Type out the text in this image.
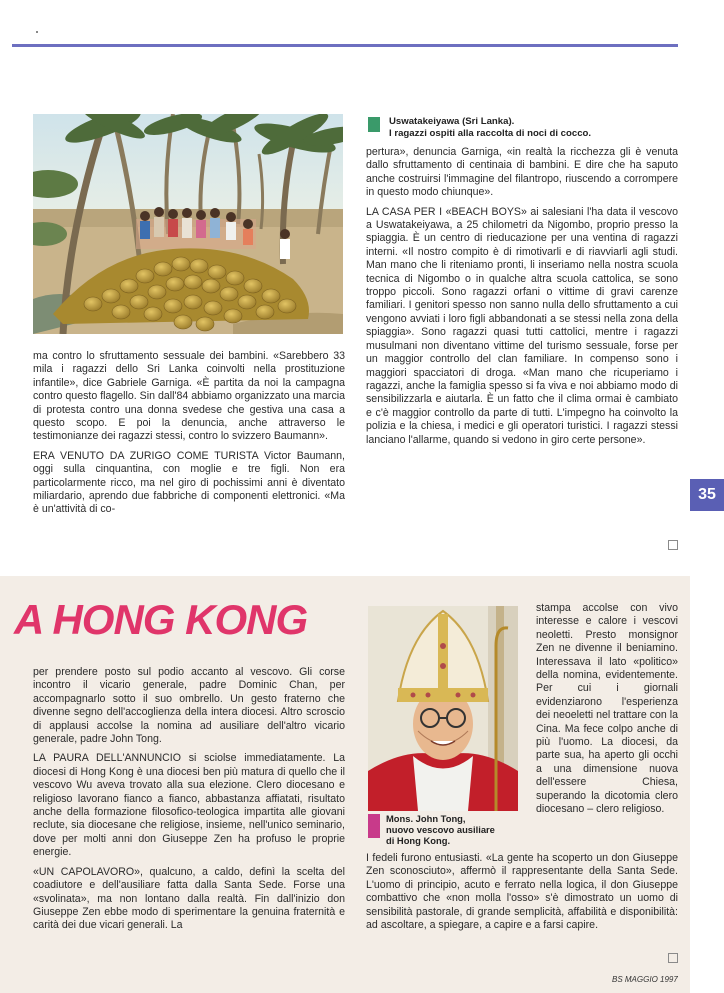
Uswatakeiyawa (Sri Lanka).
I ragazzi ospiti alla raccolta di noci di cocco.

ma contro lo sfruttamento sessuale dei bambini. «Sarebbero 33 mila i ragazzi dello Sri Lanka coinvolti nella prostituzione infantile», dice Gabriele Garniga. «È partita da noi la campagna contro questo flagello. Sin dall'84 abbiamo organizzato una marcia di protesta contro una donna svedese che gestiva una casa a questo scopo. E poi la denuncia, anche attraverso le testimonianze dei ragazzi stessi, contro lo svizzero Baumann».

ERA VENUTO DA ZURIGO COME TURISTA Victor Baumann, oggi sulla cinquantina, con moglie e tre figli. Non era particolarmente ricco, ma nel giro di pochissimi anni è diventato miliardario, aprendo due fabbriche di componenti elettronici. «Ma è un'attività di co-

pertura», denuncia Garniga, «in realtà la ricchezza gli è venuta dallo sfruttamento di centinaia di bambini. E dire che ha saputo anche costruirsi l'immagine del filantropo, riuscendo a corrompere in questo modo chiunque».

LA CASA PER I «BEACH BOYS» ai salesiani l'ha data il vescovo a Uswatakeiyawa, a 25 chilometri da Nigombo, proprio presso la spiaggia. È un centro di rieducazione per una ventina di ragazzi interni. «Il nostro compito è di rimotivarli e di riavviarli agli studi. Man mano che li riteniamo pronti, li inseriamo nella nostra scuola tecnica di Nigombo o in qualche altra scuola cattolica, se sono troppo piccoli. Sono ragazzi orfani o vittime di gravi carenze familiari. I genitori spesso non sanno nulla dello sfruttamento a cui vengono avviati i loro figli abbandonati a se stessi nella zona della spiaggia». Sono ragazzi quasi tutti cattolici, mentre i ragazzi musulmani non diventano vittime del turismo sessuale, forse per un maggior controllo del clan familiare. In compenso sono i maggiori spacciatori di droga. «Man mano che ricuperiamo i ragazzi, anche la famiglia spesso si fa viva e noi abbiamo modo di sensibilizzarla e aiutarla. È un fatto che il clima ormai è cambiato e c'è maggior controllo da parte di tutti. L'impegno ha coinvolto la polizia e la chiesa, i medici e gli operatori turistici. I ragazzi stessi lanciano l'allarme, quando si vedono in giro certe persone».

35
A HONG KONG
Mons. John Tong,
nuovo vescovo ausiliare
di Hong Kong.

per prendere posto sul podio accanto al vescovo. Gli corse incontro il vicario generale, padre Dominic Chan, per accompagnarlo sotto il suo ombrello. Un gesto fraterno che divenne segno dell'accoglienza della intera diocesi. Altro scroscio di applausi accolse la nomina ad ausiliare dell'altro vicario generale, padre John Tong.

LA PAURA DELL'ANNUNCIO si sciolse immediatamente. La diocesi di Hong Kong è una diocesi ben più matura di quello che il vescovo Wu aveva trovato alla sua elezione. Clero diocesano e religioso lavorano fianco a fianco, abbastanza affiatati, risultato anche della formazione filosofico-teologica impartita alle giovani reclute, sia diocesane che religiose, insieme, nell'unico seminario, dove per molti anni don Giuseppe Zen ha profuso le proprie energie.

«UN CAPOLAVORO», qualcuno, a caldo, definì la scelta del coadiutore e dell'ausiliare fatta dalla Santa Sede. Forse una «svolinata», ma non lontano dalla realtà. Fin dall'inizio don Giuseppe Zen ebbe modo di sperimentare la genuina fraternità e carità dei due vicari generali. La

stampa accolse con vivo interesse e calore i vescovi neoletti. Presto monsignor Zen ne divenne il beniamino. Interessava il lato «politico» della nomina, evidentemente. Per cui i giornali evidenziarono l'esperienza dei neoeletti nel trattare con la Cina. Ma fece colpo anche di più l'uomo. La diocesi, da parte sua, ha aperto gli occhi a una dimensione nuova dell'essere Chiesa, superando la dicotomia clero diocesano – clero religioso.

I fedeli furono entusiasti. «La gente ha scoperto un don Giuseppe Zen sconosciuto», affermò il rappresentante della Santa Sede. L'uomo di principio, acuto e ferrato nella logica, il don Giuseppe combattivo che «non molla l'osso» s'è dimostrato un uomo di sensibilità pastorale, di grande semplicità, affabilità e disponibilità: ad ascoltare, a spiegare, a capire e a farsi capire.

BS MAGGIO 1997
